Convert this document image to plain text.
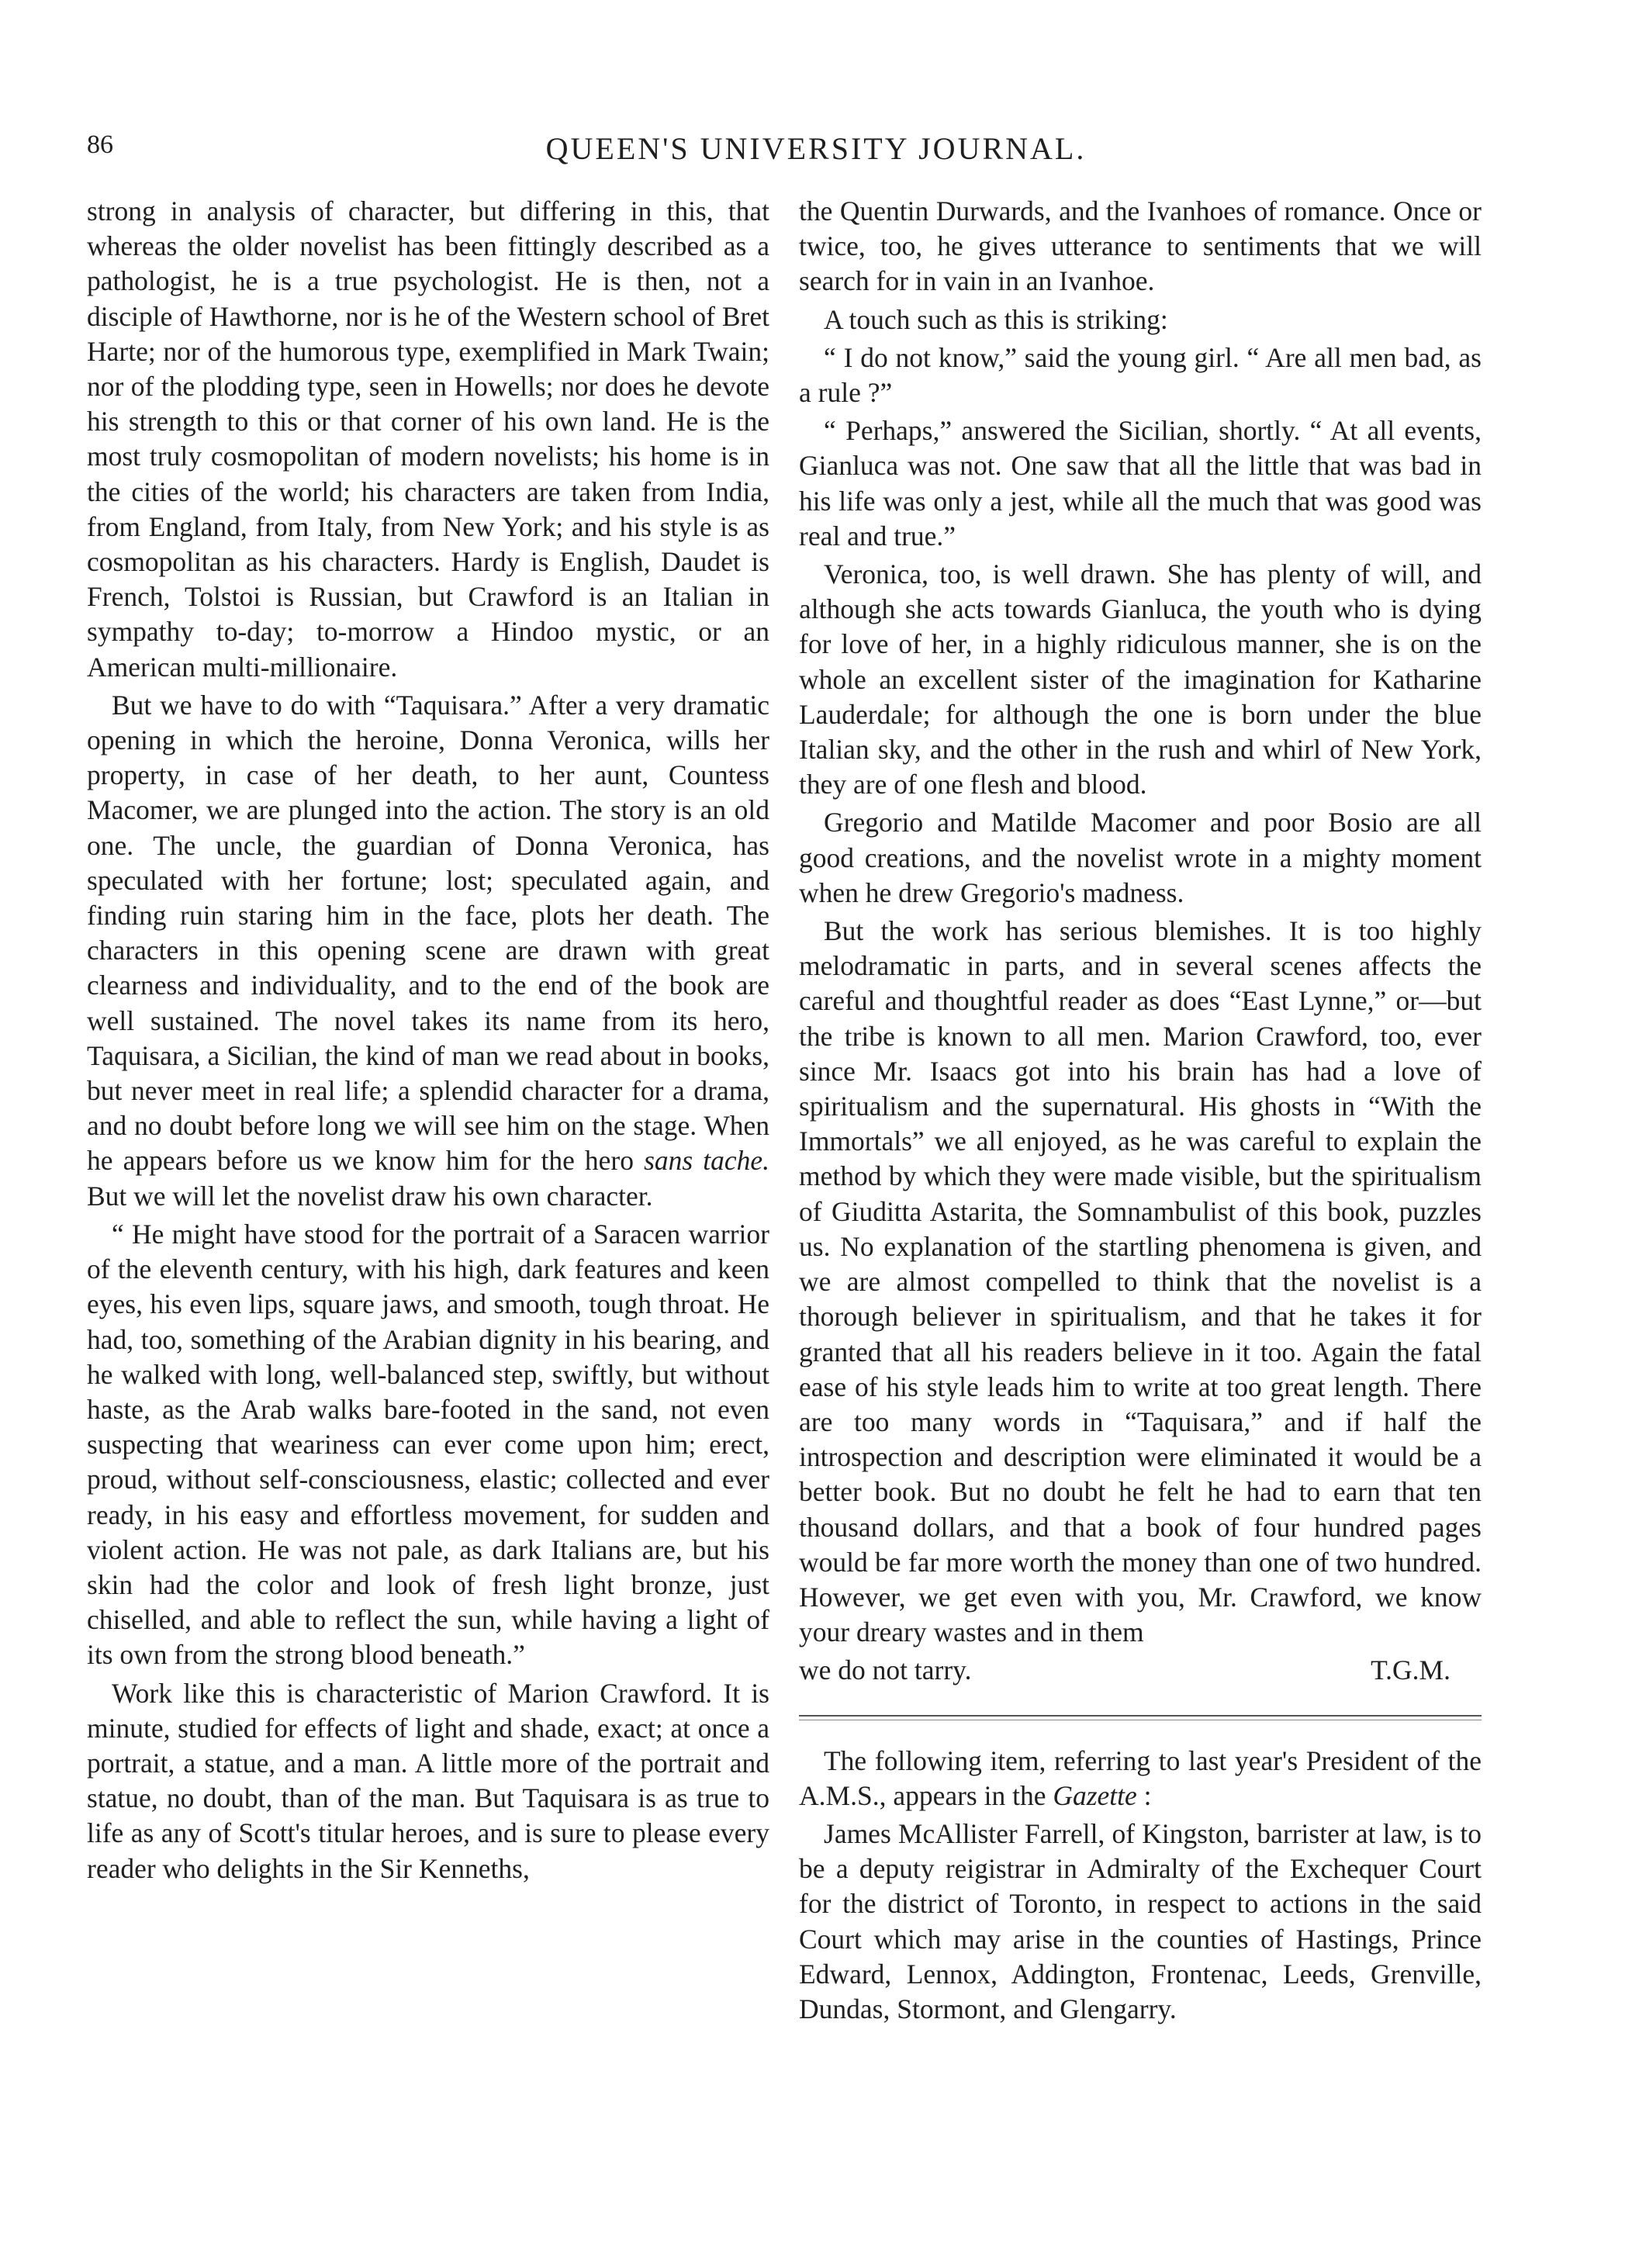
86	QUEEN'S UNIVERSITY JOURNAL.

strong in analysis of character, but differing in this, that whereas the older novelist has been fittingly described as a pathologist, he is a true psychologist. He is then, not a disciple of Hawthorne, nor is he of the Western school of Bret Harte; nor of the humorous type, exemplified in Mark Twain; nor of the plodding type, seen in Howells; nor does he devote his strength to this or that corner of his own land. He is the most truly cosmopolitan of modern novelists; his home is in the cities of the world; his characters are taken from India, from England, from Italy, from New York; and his style is as cosmopolitan as his characters. Hardy is English, Daudet is French, Tolstoi is Russian, but Crawford is an Italian in sympathy to-day; to-morrow a Hindoo mystic, or an American multi-millionaire.

But we have to do with “Taquisara.” After a very dramatic opening in which the heroine, Donna Veronica, wills her property, in case of her death, to her aunt, Countess Macomer, we are plunged into the action. The story is an old one. The uncle, the guardian of Donna Veronica, has speculated with her fortune; lost; speculated again, and finding ruin staring him in the face, plots her death. The characters in this opening scene are drawn with great clearness and individuality, and to the end of the book are well sustained. The novel takes its name from its hero, Taquisara, a Sicilian, the kind of man we read about in books, but never meet in real life; a splendid character for a drama, and no doubt before long we will see him on the stage. When he appears before us we know him for the hero sans tache. But we will let the novelist draw his own character.

“ He might have stood for the portrait of a Saracen warrior of the eleventh century, with his high, dark features and keen eyes, his even lips, square jaws, and smooth, tough throat. He had, too, something of the Arabian dignity in his bearing, and he walked with long, well-balanced step, swiftly, but without haste, as the Arab walks bare-footed in the sand, not even suspecting that weariness can ever come upon him; erect, proud, without self-consciousness, elastic; collected and ever ready, in his easy and effortless movement, for sudden and violent action. He was not pale, as dark Italians are, but his skin had the color and look of fresh light bronze, just chiselled, and able to reflect the sun, while having a light of its own from the strong blood beneath.”

Work like this is characteristic of Marion Crawford. It is minute, studied for effects of light and shade, exact; at once a portrait, a statue, and a man. A little more of the portrait and statue, no doubt, than of the man. But Taquisara is as true to life as any of Scott's titular heroes, and is sure to please every reader who delights in the Sir Kenneths,

the Quentin Durwards, and the Ivanhoes of romance. Once or twice, too, he gives utterance to sentiments that we will search for in vain in an Ivanhoe.

A touch such as this is striking:

“ I do not know,” said the young girl. “ Are all men bad, as a rule ?”

“ Perhaps,” answered the Sicilian, shortly. “ At all events, Gianluca was not. One saw that all the little that was bad in his life was only a jest, while all the much that was good was real and true.”

Veronica, too, is well drawn. She has plenty of will, and although she acts towards Gianluca, the youth who is dying for love of her, in a highly ridiculous manner, she is on the whole an excellent sister of the imagination for Katharine Lauderdale; for although the one is born under the blue Italian sky, and the other in the rush and whirl of New York, they are of one flesh and blood.

Gregorio and Matilde Macomer and poor Bosio are all good creations, and the novelist wrote in a mighty moment when he drew Gregorio's madness.

But the work has serious blemishes. It is too highly melodramatic in parts, and in several scenes affects the careful and thoughtful reader as does “East Lynne,” or—but the tribe is known to all men. Marion Crawford, too, ever since Mr. Isaacs got into his brain has had a love of spiritualism and the supernatural. His ghosts in “With the Immortals” we all enjoyed, as he was careful to explain the method by which they were made visible, but the spiritualism of Giuditta Astarita, the Somnambulist of this book, puzzles us. No explanation of the startling phenomena is given, and we are almost compelled to think that the novelist is a thorough believer in spiritualism, and that he takes it for granted that all his readers believe in it too. Again the fatal ease of his style leads him to write at too great length. There are too many words in “Taquisara,” and if half the introspection and description were eliminated it would be a better book. But no doubt he felt he had to earn that ten thousand dollars, and that a book of four hundred pages would be far more worth the money than one of two hundred. However, we get even with you, Mr. Crawford, we know your dreary wastes and in them

we do not tarry.	T.G.M.

The following item, referring to last year's President of the A.M.S., appears in the Gazette :

James McAllister Farrell, of Kingston, barrister at law, is to be a deputy reigistrar in Admiralty of the Exchequer Court for the district of Toronto, in respect to actions in the said Court which may arise in the counties of Hastings, Prince Edward, Lennox, Addington, Frontenac, Leeds, Grenville, Dundas, Stormont, and Glengarry.
